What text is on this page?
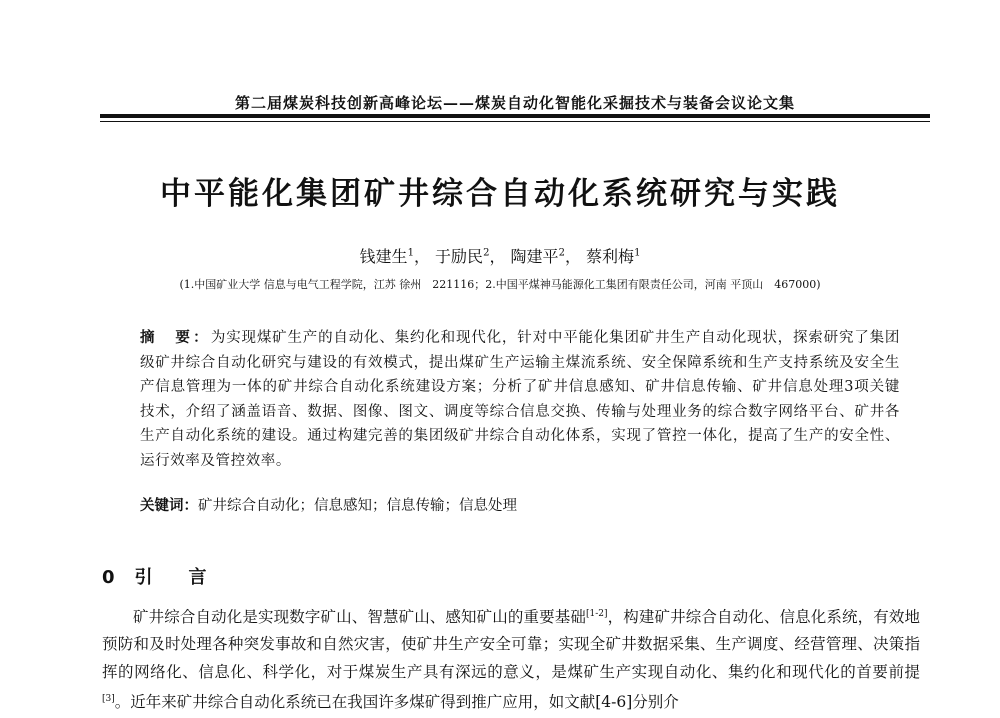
第二届煤炭科技创新高峰论坛——煤炭自动化智能化采掘技术与装备会议论文集
中平能化集团矿井综合自动化系统研究与实践
钱建生$^1$， 于励民$^2$， 陶建平$^2$， 蔡利梅$^1$
(1.中国矿业大学 信息与电气工程学院，江苏 徐州　221116；2.中国平煤神马能源化工集团有限责任公司，河南 平顶山　467000)

摘　要：为实现煤矿生产的自动化、集约化和现代化，针对中平能化集团矿井生产自动化现状，探索研究了集团级矿井综合自动化研究与建设的有效模式，提出煤矿生产运输主煤流系统、安全保障系统和生产支持系统及安全生产信息管理为一体的矿井综合自动化系统建设方案；分析了矿井信息感知、矿井信息传输、矿井信息处理3项关键技术，介绍了涵盖语音、数据、图像、图文、调度等综合信息交换、传输与处理业务的综合数字网络平台、矿井各生产自动化系统的建设。通过构建完善的集团级矿井综合自动化体系，实现了管控一体化，提高了生产的安全性、运行效率及管控效率。

关键词：矿井综合自动化；信息感知；信息传输；信息处理

0 引言

矿井综合自动化是实现数字矿山、智慧矿山、感知矿山的重要基础[1-2]，构建矿井综合自动化、信息化系统，有效地预防和及时处理各种突发事故和自然灾害，使矿井生产安全可靠；实现全矿井数据采集、生产调度、经营管理、决策指挥的网络化、信息化、科学化，对于煤炭生产具有深远的意义，是煤矿生产实现自动化、集约化和现代化的首要前提[3]。近年来矿井综合自动化系统已在我国许多煤矿得到推广应用，如文献[4-6]分别介
